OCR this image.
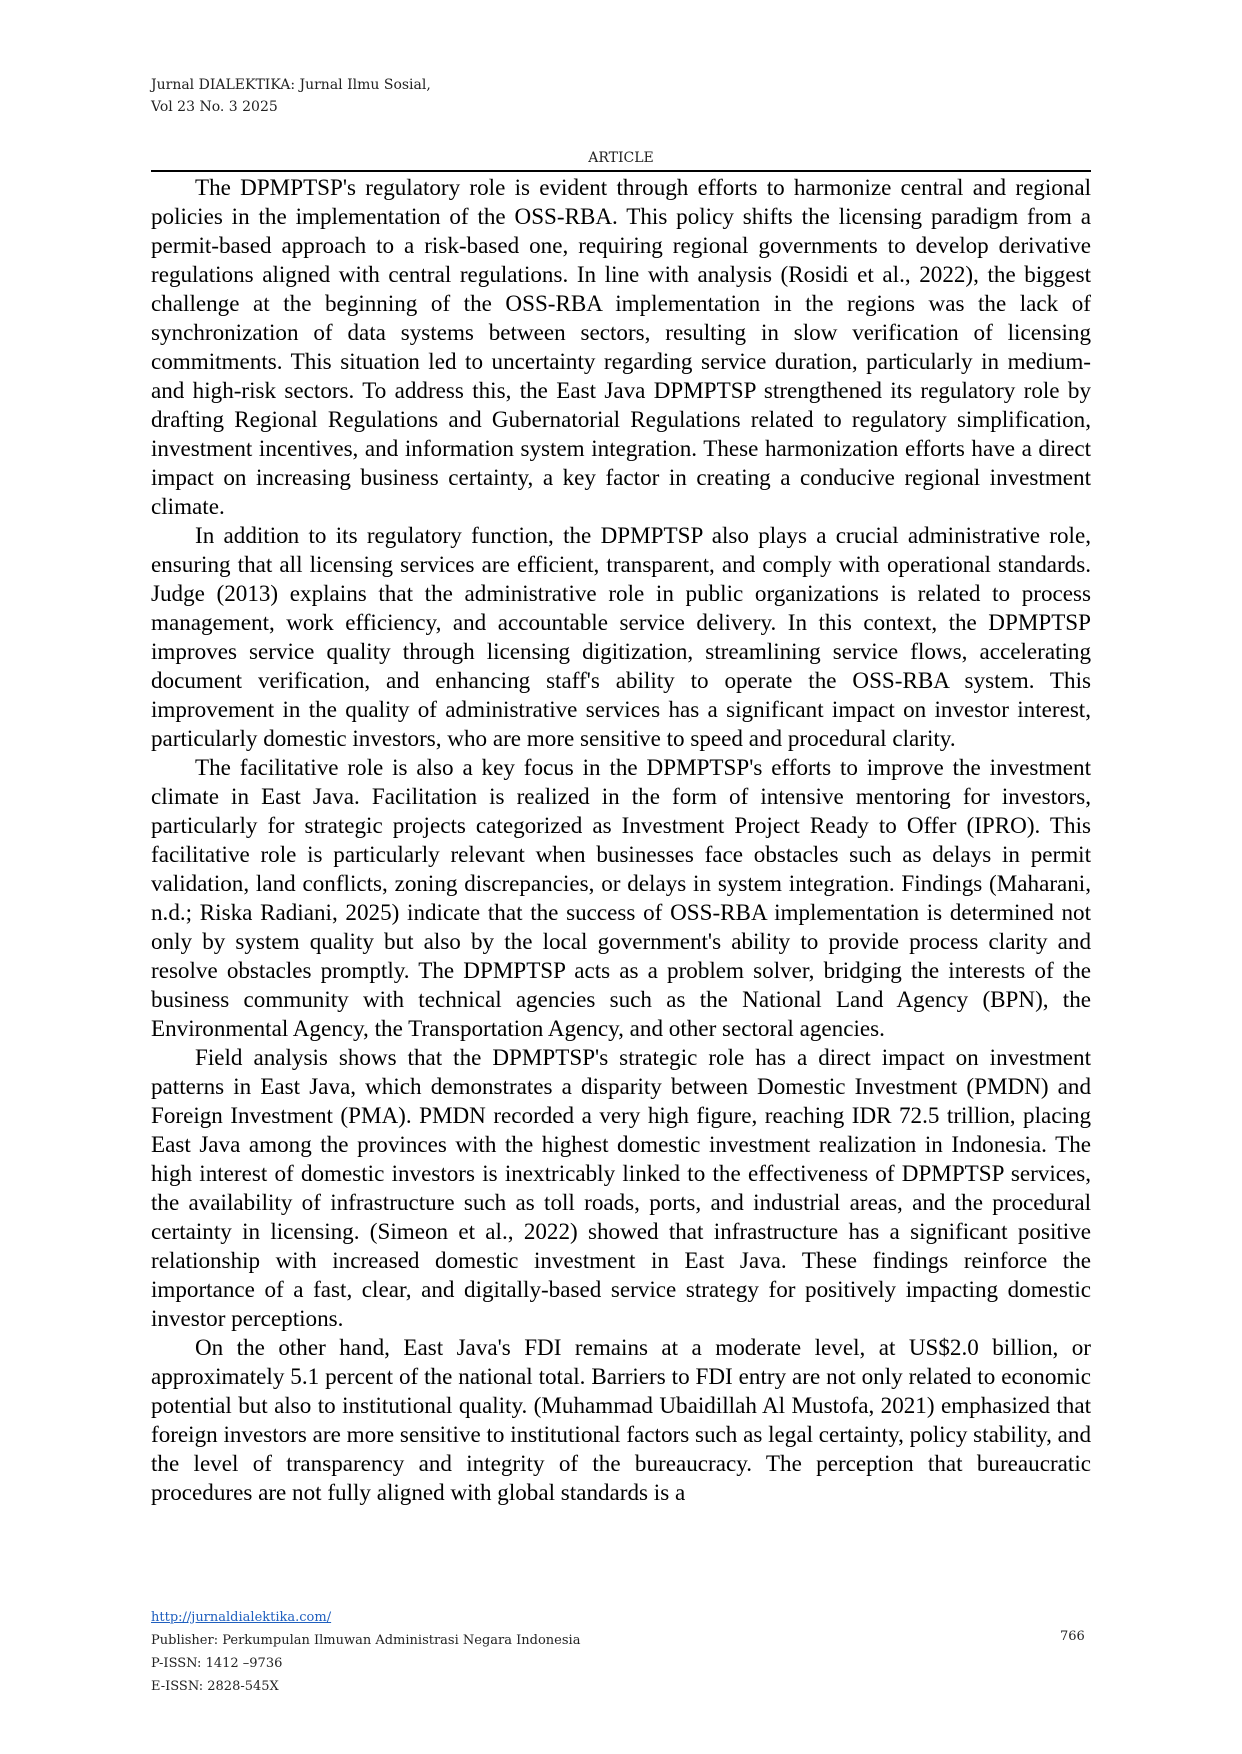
Jurnal DIALEKTIKA: Jurnal Ilmu Sosial,
Vol 23 No. 3 2025
ARTICLE

The DPMPTSP's regulatory role is evident through efforts to harmonize central and regional policies in the implementation of the OSS-RBA. This policy shifts the licensing paradigm from a permit-based approach to a risk-based one, requiring regional governments to develop derivative regulations aligned with central regulations. In line with analysis (Rosidi et al., 2022), the biggest challenge at the beginning of the OSS-RBA implementation in the regions was the lack of synchronization of data systems between sectors, resulting in slow verification of licensing commitments. This situation led to uncertainty regarding service duration, particularly in medium- and high-risk sectors. To address this, the East Java DPMPTSP strengthened its regulatory role by drafting Regional Regulations and Gubernatorial Regulations related to regulatory simplification, investment incentives, and information system integration. These harmonization efforts have a direct impact on increasing business certainty, a key factor in creating a conducive regional investment climate.

In addition to its regulatory function, the DPMPTSP also plays a crucial administrative role, ensuring that all licensing services are efficient, transparent, and comply with operational standards. Judge (2013) explains that the administrative role in public organizations is related to process management, work efficiency, and accountable service delivery. In this context, the DPMPTSP improves service quality through licensing digitization, streamlining service flows, accelerating document verification, and enhancing staff's ability to operate the OSS-RBA system. This improvement in the quality of administrative services has a significant impact on investor interest, particularly domestic investors, who are more sensitive to speed and procedural clarity.

The facilitative role is also a key focus in the DPMPTSP's efforts to improve the investment climate in East Java. Facilitation is realized in the form of intensive mentoring for investors, particularly for strategic projects categorized as Investment Project Ready to Offer (IPRO). This facilitative role is particularly relevant when businesses face obstacles such as delays in permit validation, land conflicts, zoning discrepancies, or delays in system integration. Findings (Maharani, n.d.; Riska Radiani, 2025) indicate that the success of OSS-RBA implementation is determined not only by system quality but also by the local government's ability to provide process clarity and resolve obstacles promptly. The DPMPTSP acts as a problem solver, bridging the interests of the business community with technical agencies such as the National Land Agency (BPN), the Environmental Agency, the Transportation Agency, and other sectoral agencies.

Field analysis shows that the DPMPTSP's strategic role has a direct impact on investment patterns in East Java, which demonstrates a disparity between Domestic Investment (PMDN) and Foreign Investment (PMA). PMDN recorded a very high figure, reaching IDR 72.5 trillion, placing East Java among the provinces with the highest domestic investment realization in Indonesia. The high interest of domestic investors is inextricably linked to the effectiveness of DPMPTSP services, the availability of infrastructure such as toll roads, ports, and industrial areas, and the procedural certainty in licensing. (Simeon et al., 2022) showed that infrastructure has a significant positive relationship with increased domestic investment in East Java. These findings reinforce the importance of a fast, clear, and digitally-based service strategy for positively impacting domestic investor perceptions.

On the other hand, East Java's FDI remains at a moderate level, at US$2.0 billion, or approximately 5.1 percent of the national total. Barriers to FDI entry are not only related to economic potential but also to institutional quality. (Muhammad Ubaidillah Al Mustofa, 2021) emphasized that foreign investors are more sensitive to institutional factors such as legal certainty, policy stability, and the level of transparency and integrity of the bureaucracy. The perception that bureaucratic procedures are not fully aligned with global standards is a

http://jurnaldialektika.com/
Publisher: Perkumpulan Ilmuwan Administrasi Negara Indonesia
P-ISSN: 1412 –9736
E-ISSN: 2828-545X
766
